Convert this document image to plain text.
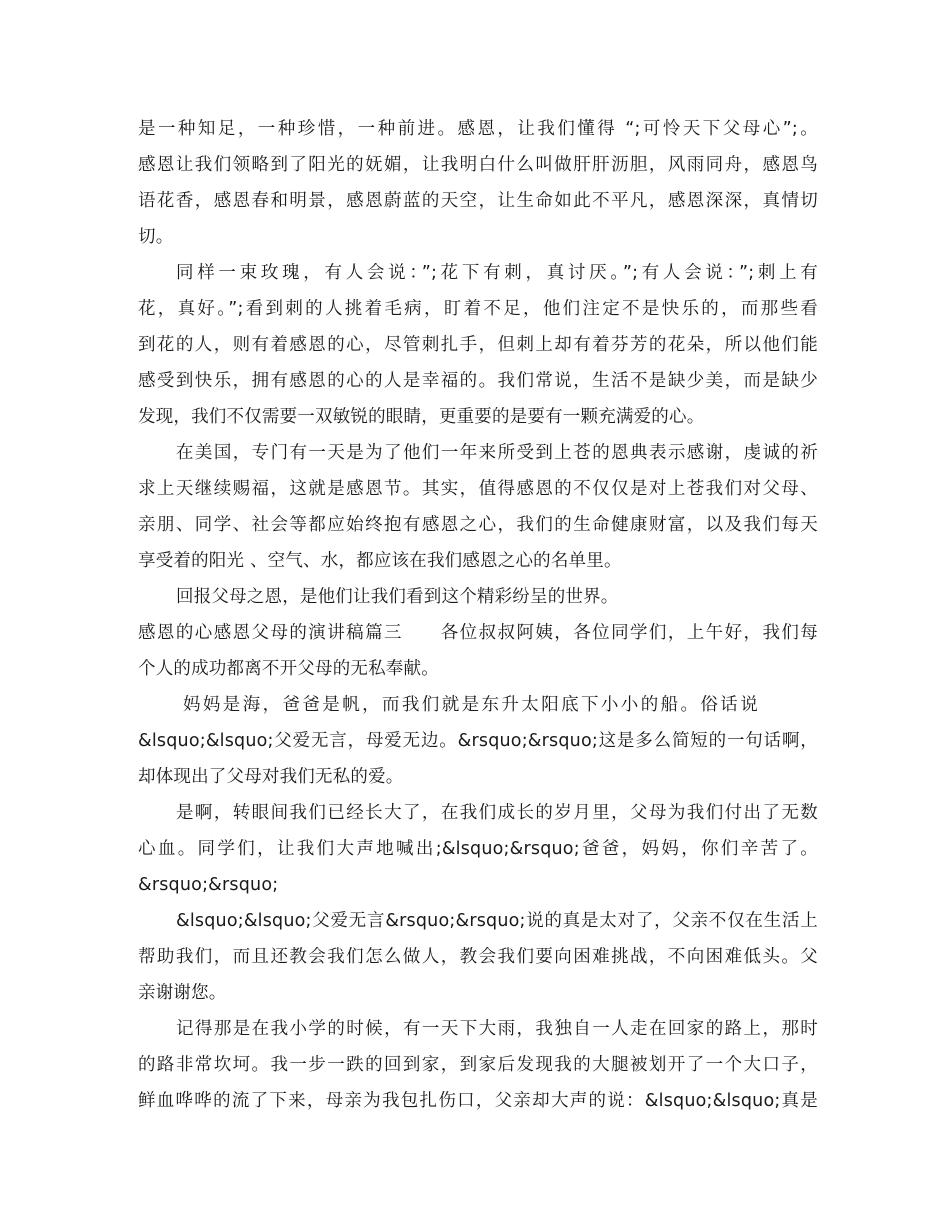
是一种知足，一种珍惜，一种前进。感恩，让我们懂得 “;可怜天下父母心”;。
感恩让我们领略到了阳光的妩媚，让我明白什么叫做肝肝沥胆，风雨同舟，感恩鸟
语花香，感恩春和明景，感恩蔚蓝的天空，让生命如此不平凡，感恩深深，真情切
切。
同样一束玫瑰，有人会说：”;花下有刺，真讨厌。”;有人会说：”;刺上有
花，真好。”;看到刺的人挑着毛病，盯着不足，他们注定不是快乐的，而那些看
到花的人，则有着感恩的心，尽管刺扎手，但刺上却有着芬芳的花朵，所以他们能
感受到快乐，拥有感恩的心的人是幸福的。我们常说，生活不是缺少美，而是缺少
发现，我们不仅需要一双敏锐的眼睛，更重要的是要有一颗充满爱的心。
在美国，专门有一天是为了他们一年来所受到上苍的恩典表示感谢，虔诚的祈
求上天继续赐福，这就是感恩节。其实，值得感恩的不仅仅是对上苍我们对父母、
亲朋、同学、社会等都应始终抱有感恩之心，我们的生命健康财富，以及我们每天
享受着的阳光 、空气、水，都应该在我们感恩之心的名单里。
回报父母之恩，是他们让我们看到这个精彩纷呈的世界。
感恩的心感恩父母的演讲稿篇三　　各位叔叔阿姨，各位同学们，上午好，我们每
个人的成功都离不开父母的无私奉献。
妈妈是海，爸爸是帆，而我们就是东升太阳底下小小的船。俗话说
&lsquo;&lsquo;父爱无言，母爱无边。&rsquo;&rsquo;这是多么简短的一句话啊，
却体现出了父母对我们无私的爱。
是啊，转眼间我们已经长大了，在我们成长的岁月里，父母为我们付出了无数
心血。同学们，让我们大声地喊出;&lsquo;&rsquo;爸爸，妈妈，你们辛苦了。
&rsquo;&rsquo;
&lsquo;&lsquo;父爱无言&rsquo;&rsquo;说的真是太对了，父亲不仅在生活上
帮助我们，而且还教会我们怎么做人，教会我们要向困难挑战，不向困难低头。父
亲谢谢您。
记得那是在我小学的时候，有一天下大雨，我独自一人走在回家的路上，那时
的路非常坎坷。我一步一跌的回到家，到家后发现我的大腿被划开了一个大口子，
鲜血哗哗的流了下来，母亲为我包扎伤口，父亲却大声的说：&lsquo;&lsquo;真是
